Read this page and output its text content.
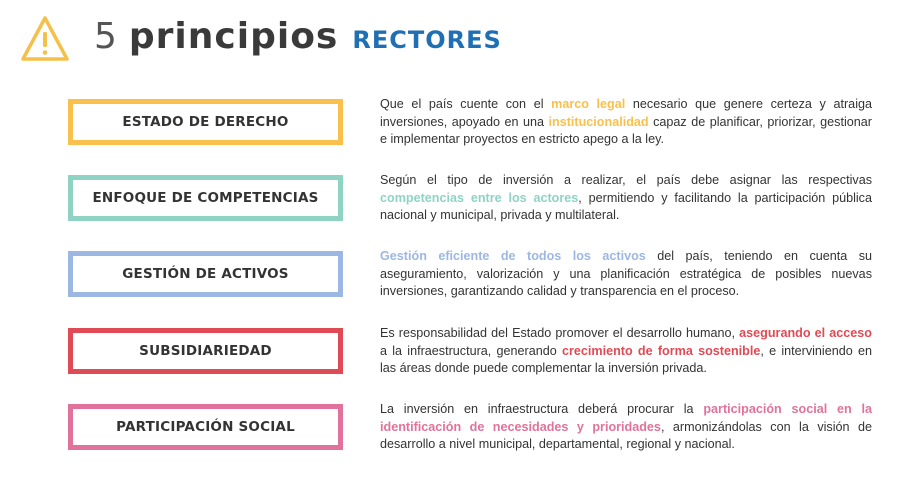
5 principios RECTORES
ESTADO DE DERECHO
Que el país cuente con el marco legal necesario que genere certeza y atraiga inversiones, apoyado en una institucionalidad capaz de planificar, priorizar, gestionar e implementar proyectos en estricto apego a la ley.
ENFOQUE DE COMPETENCIAS
Según el tipo de inversión a realizar, el país debe asignar las respectivas competencias entre los actores, permitiendo y facilitando la participación pública nacional y municipal, privada y multilateral.
GESTIÓN DE ACTIVOS
Gestión eficiente de todos los activos del país, teniendo en cuenta su aseguramiento, valorización y una planificación estratégica de posibles nuevas inversiones, garantizando calidad y transparencia en el proceso.
SUBSIDIARIEDAD
Es responsabilidad del Estado promover el desarrollo humano, asegurando el acceso a la infraestructura, generando crecimiento de forma sostenible, e interviniendo en las áreas donde puede complementar la inversión privada.
PARTICIPACIÓN SOCIAL
La inversión en infraestructura deberá procurar la participación social en la identificación de necesidades y prioridades, armonizándolas con la visión de desarrollo a nivel municipal, departamental, regional y nacional.
